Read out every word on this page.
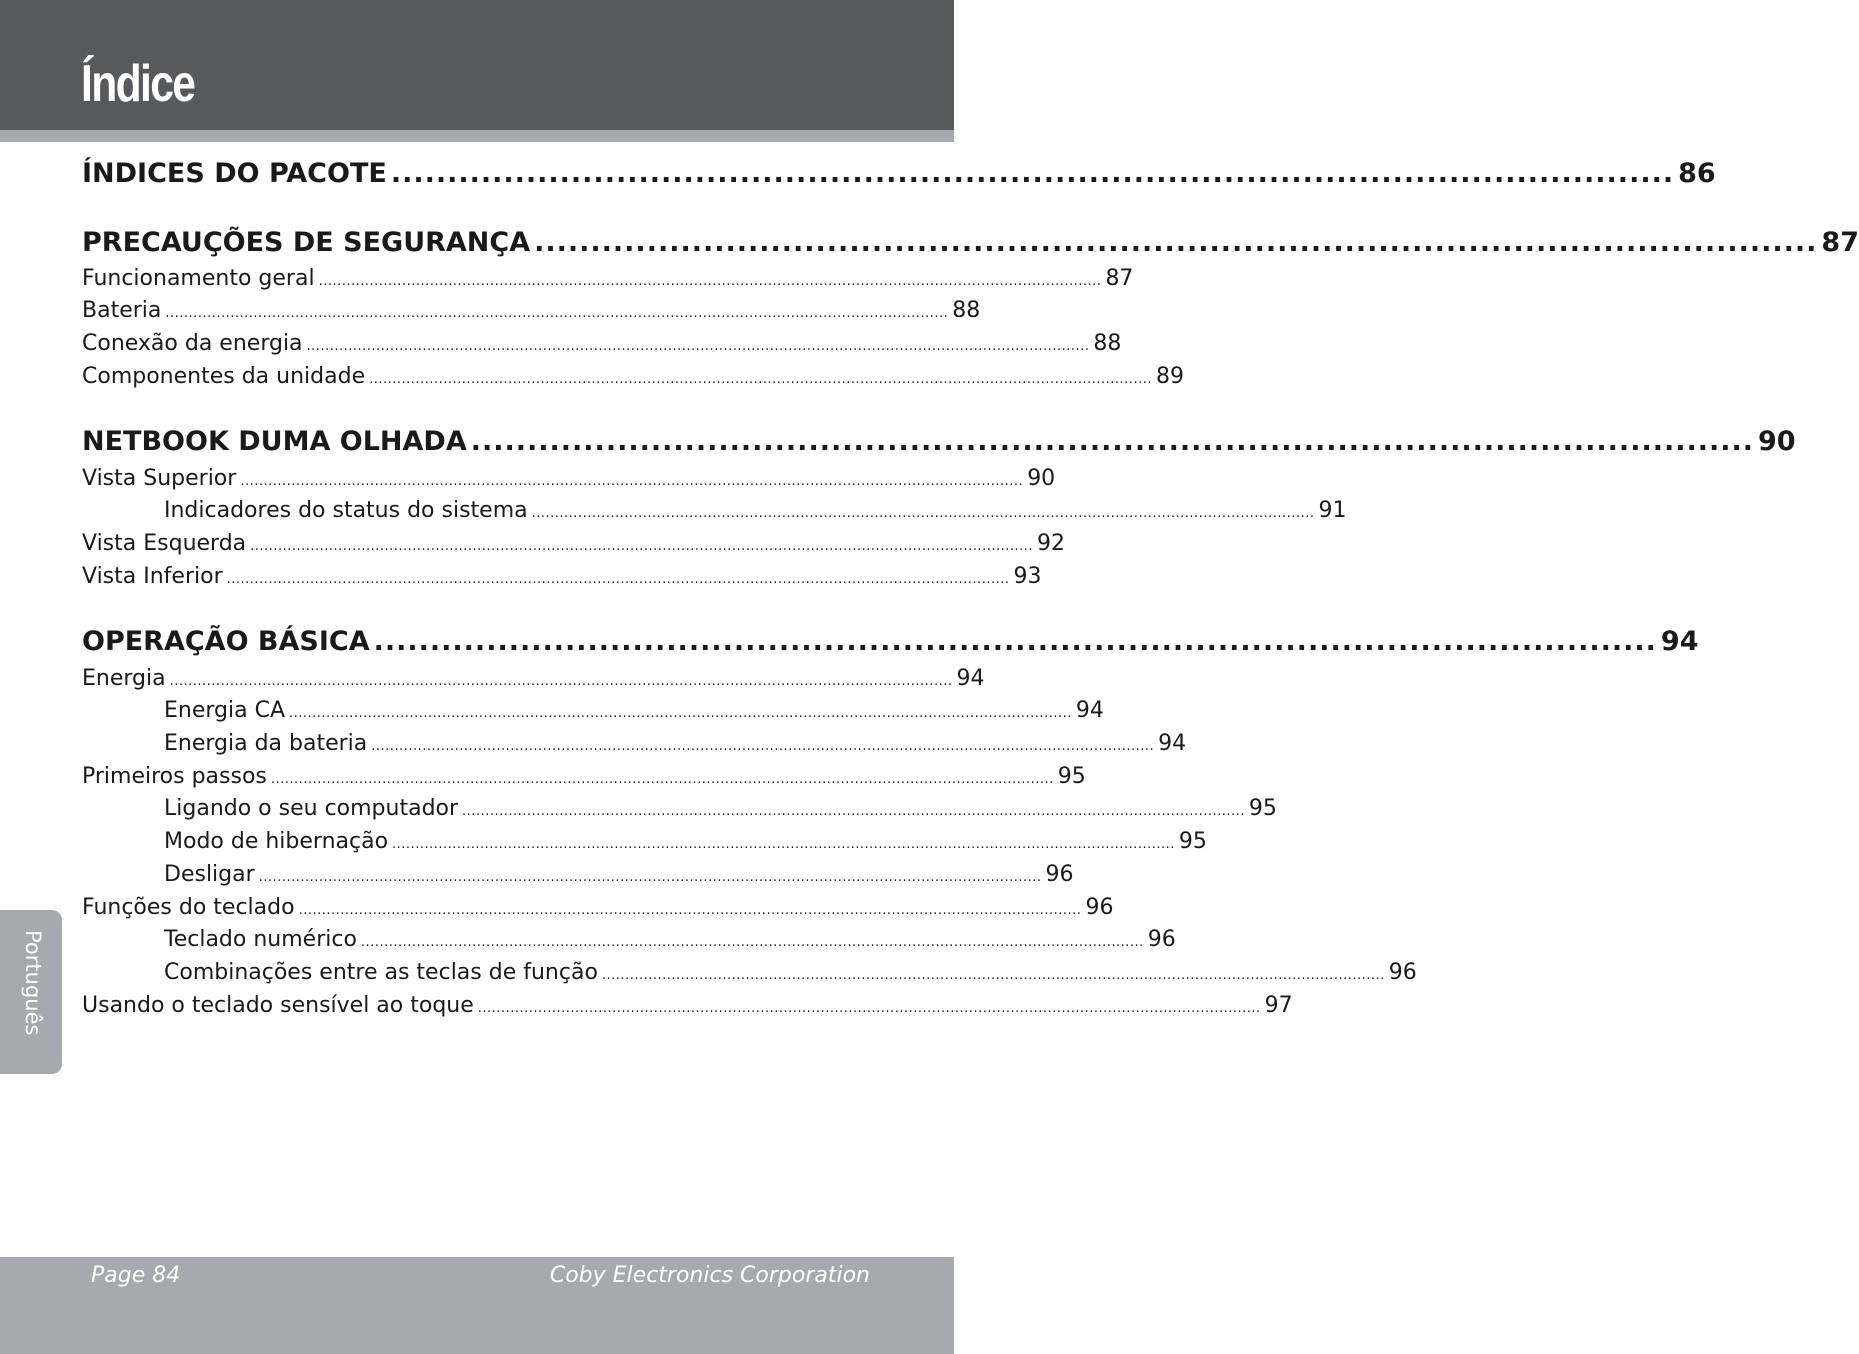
Índice
ÍNDICES DO PACOTE .................................................................................................................. 86
PRECAUÇÕES DE SEGURANÇA .................................................................................................................. 87
Funcionamento geral ......................................................................................................................................................................... 87
Bateria ......................................................................................................................................................................... 88
Conexão da energia ......................................................................................................................................................................... 88
Componentes da unidade ......................................................................................................................................................................... 89
NETBOOK DUMA OLHADA .................................................................................................................. 90
Vista Superior ......................................................................................................................................................................... 90
Indicadores do status do sistema ......................................................................................................................................................................... 91
Vista Esquerda ......................................................................................................................................................................... 92
Vista Inferior ......................................................................................................................................................................... 93
OPERAÇÃO BÁSICA .................................................................................................................. 94
Energia ......................................................................................................................................................................... 94
Energia CA ......................................................................................................................................................................... 94
Energia da bateria ......................................................................................................................................................................... 94
Primeiros passos ......................................................................................................................................................................... 95
Ligando o seu computador ......................................................................................................................................................................... 95
Modo de hibernação ......................................................................................................................................................................... 95
Desligar ......................................................................................................................................................................... 96
Funções do teclado ......................................................................................................................................................................... 96
Teclado numérico ......................................................................................................................................................................... 96
Combinações entre as teclas de função ......................................................................................................................................................................... 96
Usando o teclado sensível ao toque ......................................................................................................................................................................... 97
Português
Page 84	Coby Electronics Corporation
